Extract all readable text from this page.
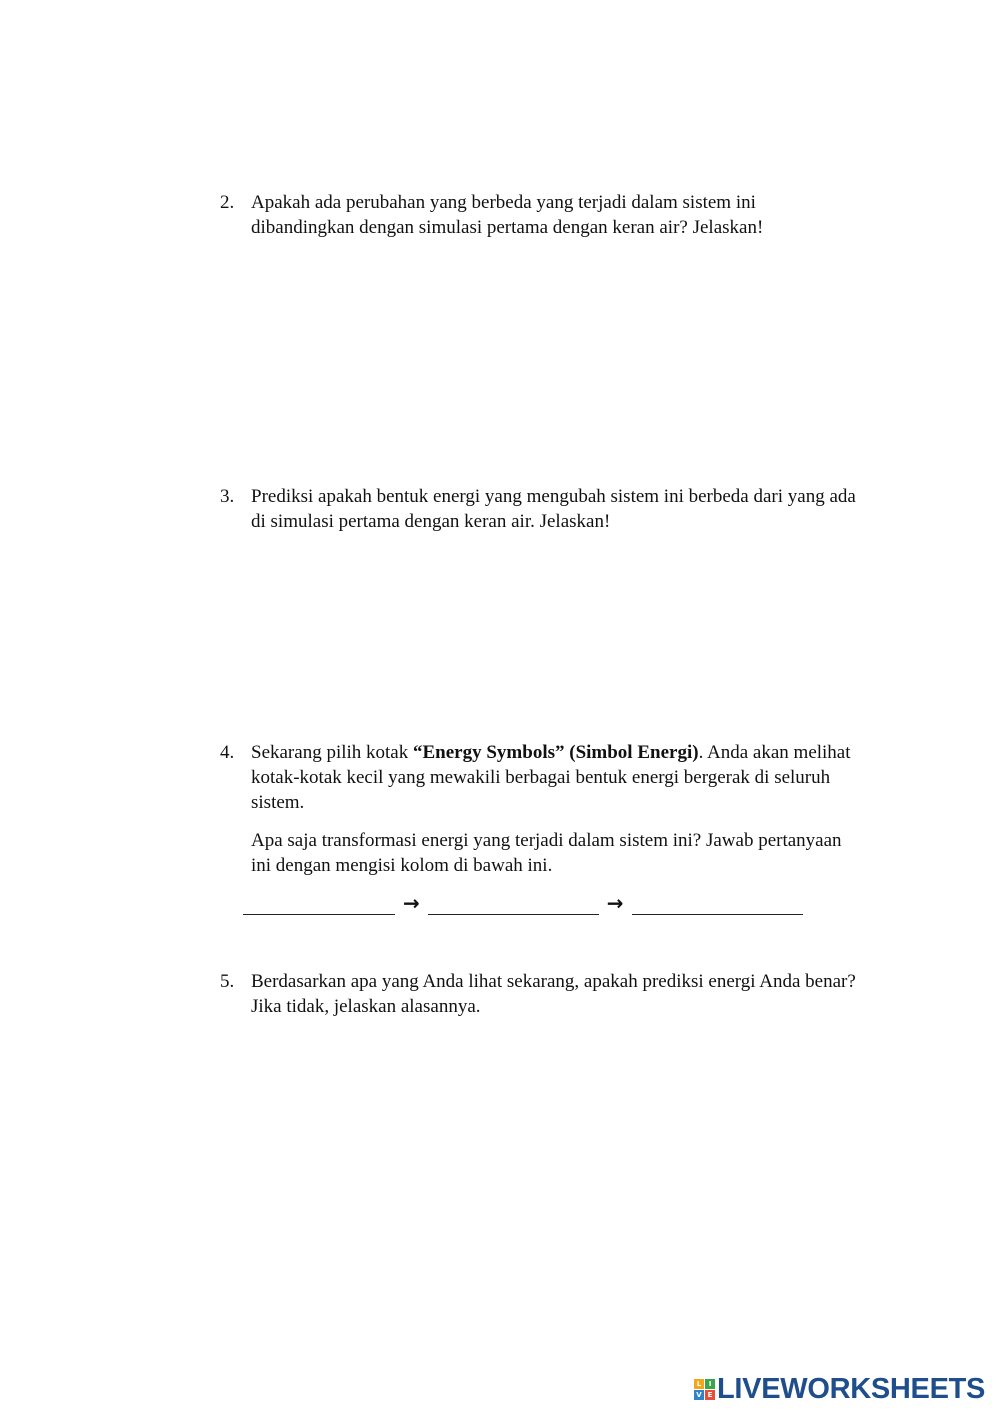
2. Apakah ada perubahan yang berbeda yang terjadi dalam sistem ini dibandingkan dengan simulasi pertama dengan keran air? Jelaskan!

3. Prediksi apakah bentuk energi yang mengubah sistem ini berbeda dari yang ada di simulasi pertama dengan keran air. Jelaskan!

4. Sekarang pilih kotak “Energy Symbols” (Simbol Energi). Anda akan melihat kotak-kotak kecil yang mewakili berbagai bentuk energi bergerak di seluruh sistem.

Apa saja transformasi energi yang terjadi dalam sistem ini? Jawab pertanyaan ini dengan mengisi kolom di bawah ini.

→	→
5. Berdasarkan apa yang Anda lihat sekarang, apakah prediksi energi Anda benar? Jika tidak, jelaskan alasannya.

L	I
V E LIVEWORKSHEETS
